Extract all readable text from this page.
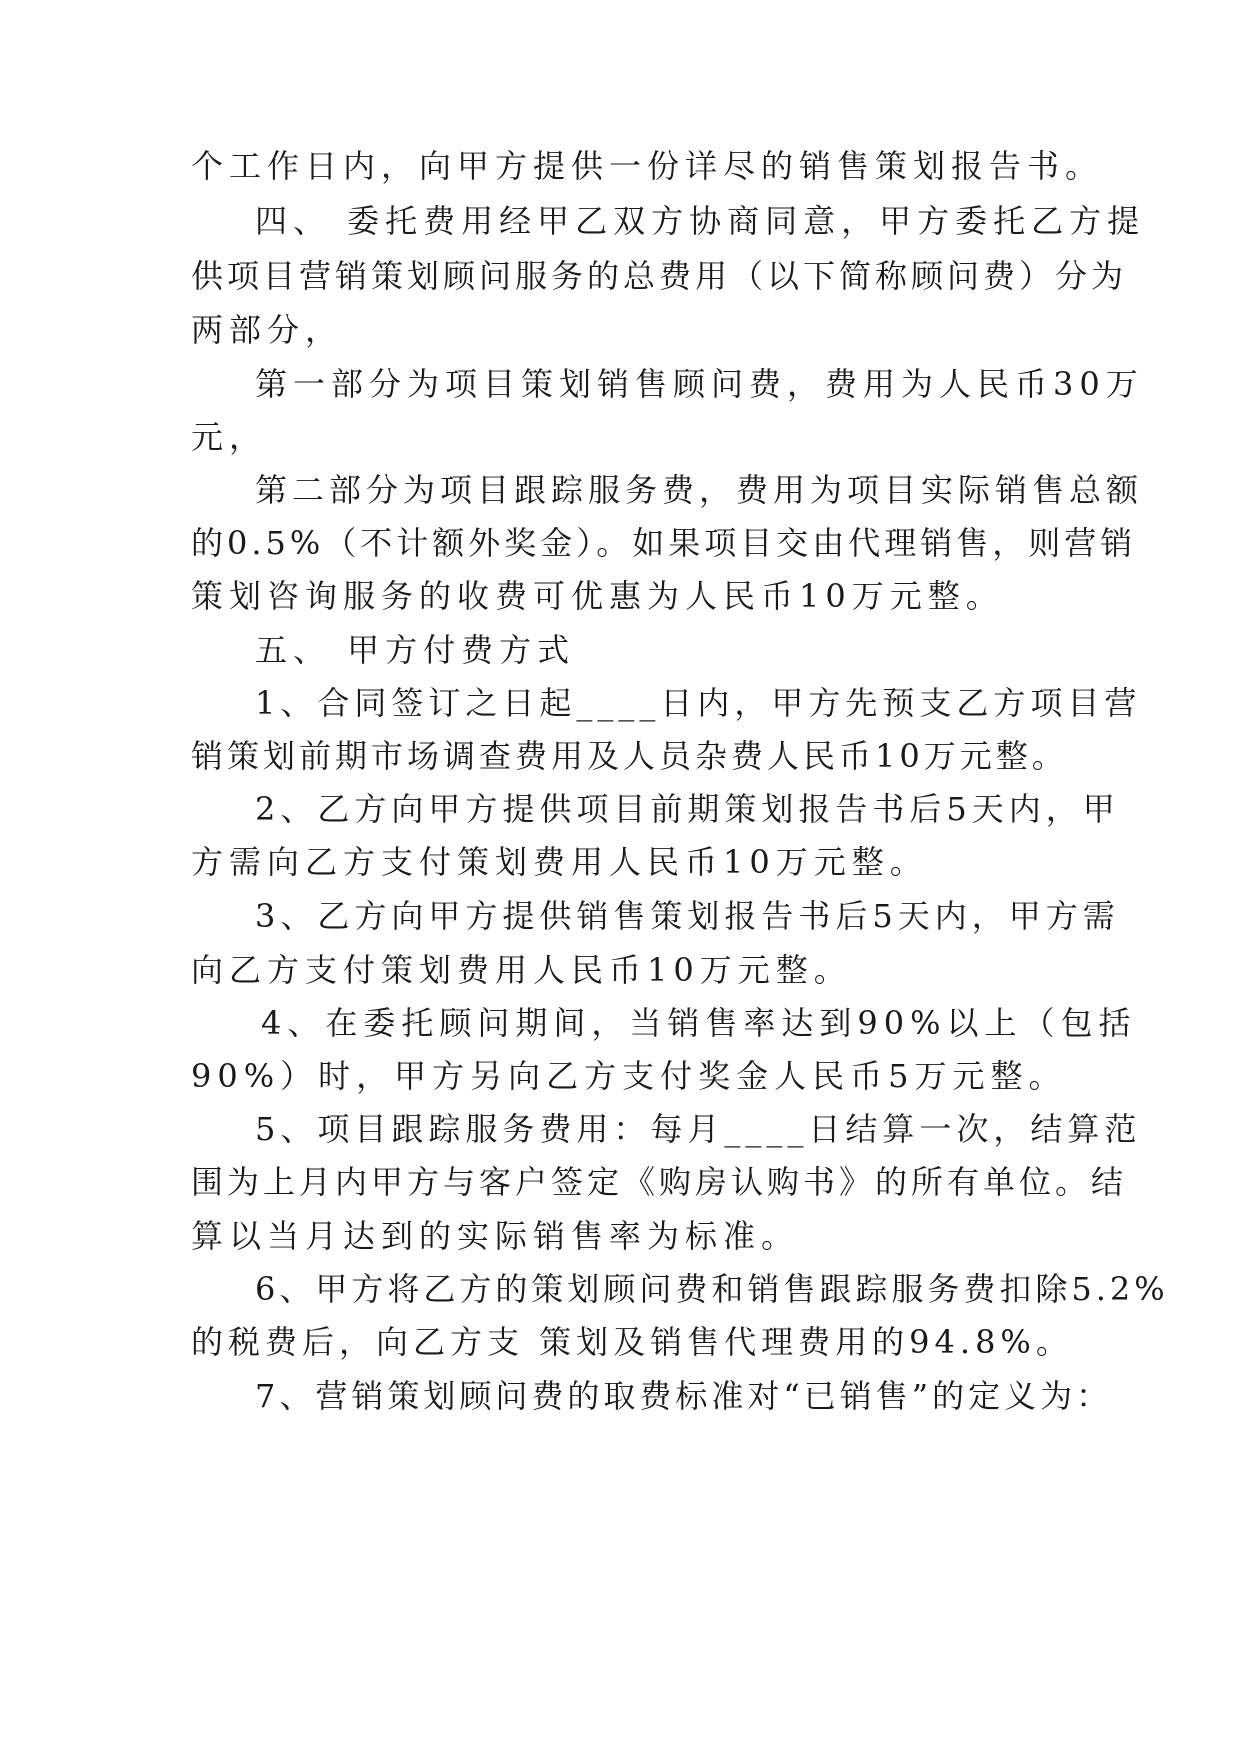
个工作日内，向甲方提供一份详尽的销售策划报告书。
四、 委托费用经甲乙双方协商同意，甲方委托乙方提
供项目营销策划顾问服务的总费用（以下简称顾问费）分为
两部分，
第一部分为项目策划销售顾问费，费用为人民币30万
元，
第二部分为项目跟踪服务费，费用为项目实际销售总额
的0.5%（不计额外奖金）。如果项目交由代理销售，则营销
策划咨询服务的收费可优惠为人民币10万元整。
五、 甲方付费方式
1、合同签订之日起____日内，甲方先预支乙方项目营
销策划前期市场调查费用及人员杂费人民币10万元整。
2、乙方向甲方提供项目前期策划报告书后5天内，甲
方需向乙方支付策划费用人民币10万元整。
3、乙方向甲方提供销售策划报告书后5天内，甲方需
向乙方支付策划费用人民币10万元整。
4、在委托顾问期间，当销售率达到90%以上（包括
90%）时，甲方另向乙方支付奖金人民币5万元整。
5、项目跟踪服务费用：每月____日结算一次，结算范
围为上月内甲方与客户签定《购房认购书》的所有单位。结
算以当月达到的实际销售率为标准。
6、甲方将乙方的策划顾问费和销售跟踪服务费扣除5.2%
的税费后，向乙方支 策划及销售代理费用的94.8%。
7、营销策划顾问费的取费标准对“已销售”的定义为：
